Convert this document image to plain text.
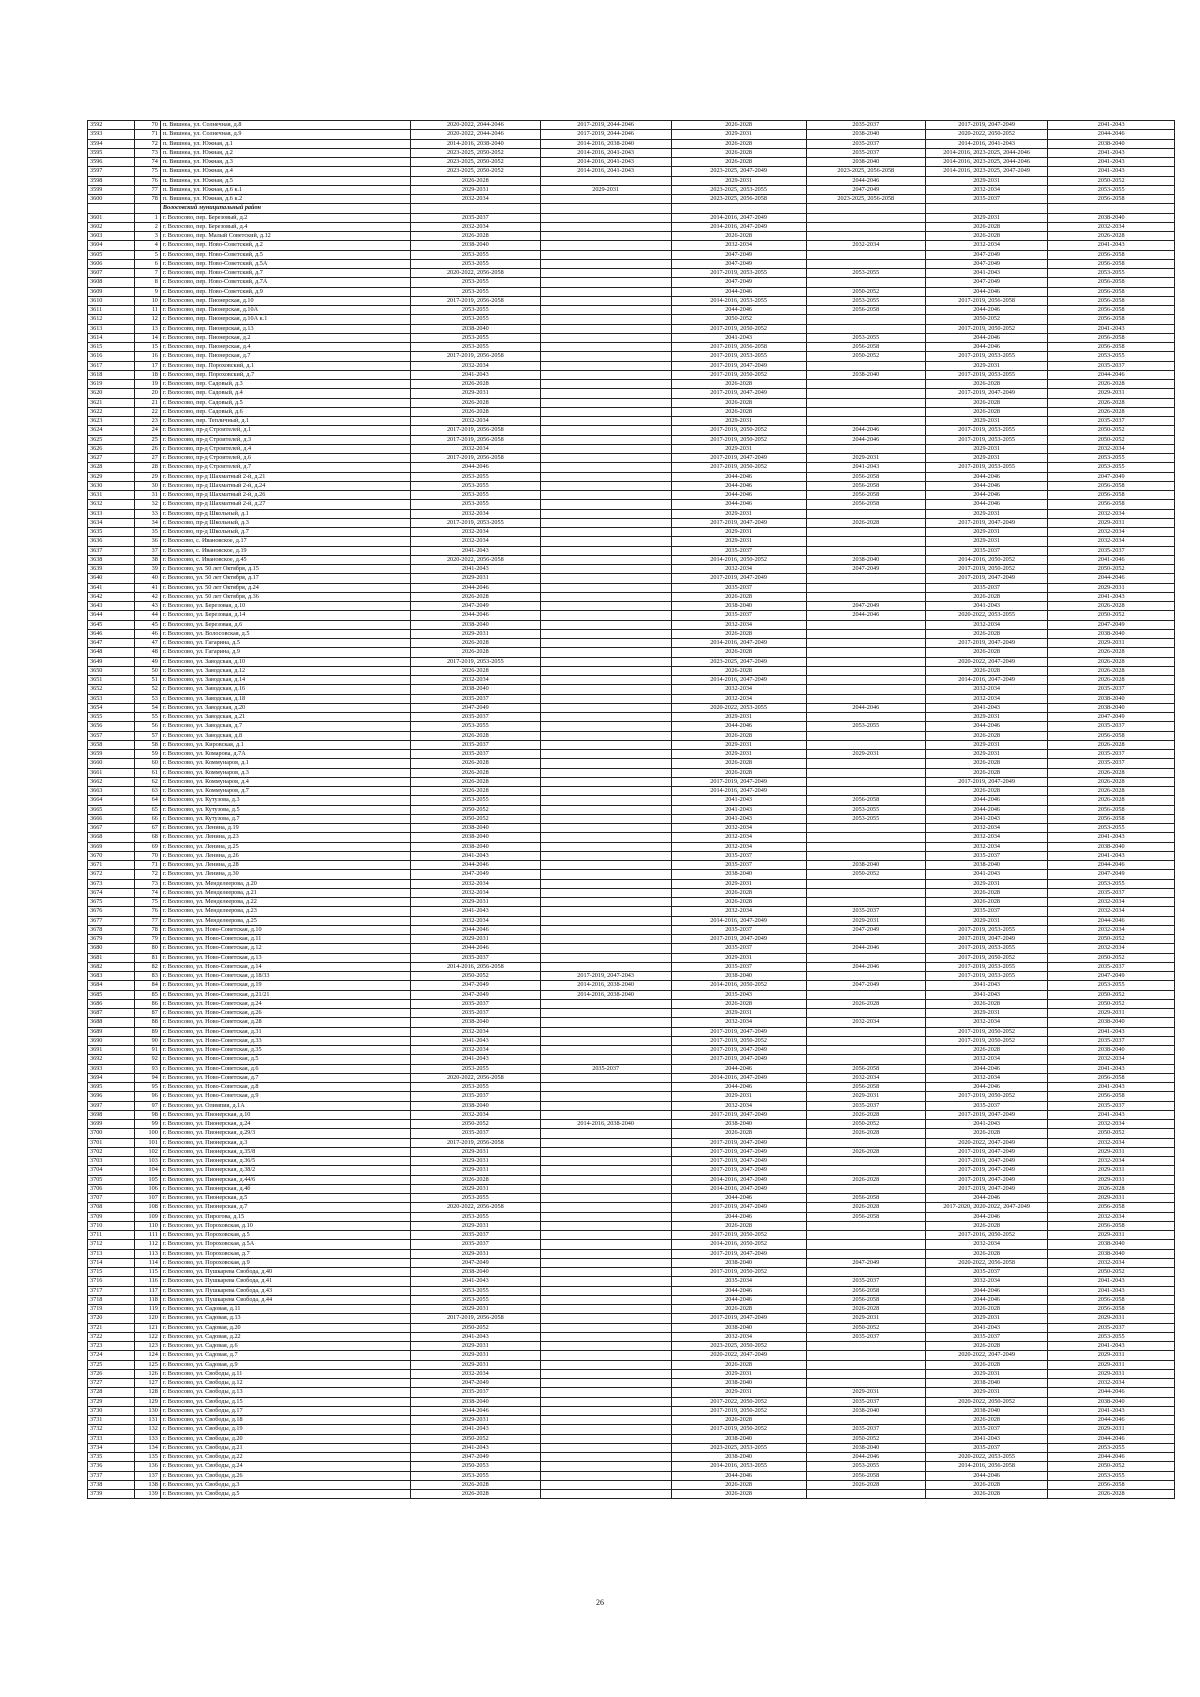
3592	70	п. Вишнеа, ул. Солнечная, д.8	2020-2022, 2044-2046	2017-2019, 2044-2046	2026-2028	2035-2037	2017-2019, 2047-2049	2041-2043
3593	71	п. Вишнеа, ул. Солнечная, д.9	2020-2022, 2044-2046	2017-2019, 2044-2046	2029-2031	2038-2040	2020-2022, 2050-2052	2044-2046
3594	72	п. Вишнеа, ул. Южная, д.1	2014-2016, 2038-2040	2014-2016, 2038-2040	2026-2028	2035-2037	2014-2016, 2041-2043	2038-2040
3595	73	п. Вишнеа, ул. Южная, д.2	2023-2025, 2050-2052	2014-2016, 2041-2043	2026-2028	2035-2037	2014-2016, 2023-2025, 2044-2046	2041-2043
3596	74	п. Вишнеа, ул. Южная, д.3	2023-2025, 2050-2052	2014-2016, 2041-2043	2026-2028	2038-2040	2014-2016, 2023-2025, 2044-2046	2041-2043
3597	75	п. Вишнеа, ул. Южная, д.4	2023-2025, 2050-2052	2014-2016, 2041-2043	2023-2025, 2047-2049	2023-2025, 2056-2058	2014-2016, 2023-2025, 2047-2049	2041-2043
3598	76	п. Вишнеа, ул. Южная, д.5	2026-2028		2029-2031	2044-2046	2029-2031	2050-2052
3599	77	п. Вишнеа, ул. Южная, д.6 к.1	2029-2031	2029-2031	2023-2025, 2053-2055	2047-2049	2032-2034	2053-2055
3600	78	п. Вишнеа, ул. Южная, д.6 к.2	2032-2034		2023-2025, 2056-2058	2023-2025, 2056-2058	2035-2037	2056-2058
		Волосовский муниципальный район						
3601	1	г. Волосово, пер. Березовый, д.2	2035-2037		2014-2016, 2047-2049		2029-2031	2038-2040
3602	2	г. Волосово, пер. Березовый, д.4	2032-2034		2014-2016, 2047-2049		2026-2028	2032-2034
3603	3	г. Волосово, пер. Малый Советский, д.12	2026-2028		2026-2028		2026-2028	2026-2028
3604	4	г. Волосово, пер. Ново-Советский, д.2	2038-2040		2032-2034	2032-2034	2032-2034	2041-2043
3605	5	г. Волосово, пер. Ново-Советский, д.5	2053-2055		2047-2049		2047-2049	2056-2058
3606	6	г. Волосово, пер. Ново-Советский, д.5А	2053-2055		2047-2049		2047-2049	2056-2058
3607	7	г. Волосово, пер. Ново-Советский, д.7	2020-2022, 2056-2058		2017-2019, 2053-2055	2053-2055	2041-2043	2053-2055
3608	8	г. Волосово, пер. Ново-Советский, д.7А	2053-2055		2047-2049		2047-2049	2056-2058
3609	9	г. Волосово, пер. Ново-Советский, д.9	2053-2055		2044-2046	2050-2052	2044-2046	2056-2058
3610	10	г. Волосово, пер. Пионерская, д.10	2017-2019, 2056-2058		2014-2016, 2053-2055	2053-2055	2017-2019, 2056-2058	2056-2058
3611	11	г. Волосово, пер. Пионерская, д.10А	2053-2055		2044-2046	2056-2058	2044-2046	2056-2058
3612	12	г. Волосово, пер. Пионерская, д.10А к.1	2053-2055		2050-2052		2050-2052	2056-2058
3613	13	г. Волосово, пер. Пионерская, д.13	2038-2040		2017-2019, 2050-2052		2017-2019, 2050-2052	2041-2043
3614	14	г. Волосово, пер. Пионерская, д.2	2053-2055		2041-2043	2053-2055	2044-2046	2056-2058
3615	15	г. Волосово, пер. Пионерская, д.4	2053-2055		2017-2019, 2056-2058	2056-2058	2044-2046	2056-2058
3616	16	г. Волосово, пер. Пионерская, д.7	2017-2019, 2056-2058		2017-2019, 2053-2055	2050-2052	2017-2019, 2053-2055	2053-2055
3617	17	г. Волосово, пер. Пороховский, д.1	2032-2034		2017-2019, 2047-2049		2029-2031	2035-2037
3618	18	г. Волосово, пер. Пороховский, д.7	2041-2043		2017-2019, 2050-2052	2038-2040	2017-2019, 2053-2055	2044-2046
3619	19	г. Волосово, пер. Садовый, д.3	2026-2028		2026-2028		2026-2028	2026-2028
3620	20	г. Волосово, пер. Садовый, д.4	2029-2031		2017-2019, 2047-2049		2017-2019, 2047-2049	2029-2031
3621	21	г. Волосово, пер. Садовый, д.5	2026-2028		2026-2028		2026-2028	2026-2028
3622	22	г. Волосово, пер. Садовый, д.6	2026-2028		2026-2028		2026-2028	2026-2028
3623	23	г. Волосово, пер. Тепличный, д.1	2032-2034		2029-2031		2029-2031	2035-2037
3624	24	г. Волосово, пр-д Строителей, д.1	2017-2019, 2056-2058		2017-2019, 2050-2052	2044-2046	2017-2019, 2053-2055	2050-2052
3625	25	г. Волосово, пр-д Строителей, д.3	2017-2019, 2056-2058		2017-2019, 2050-2052	2044-2046	2017-2019, 2053-2055	2050-2052
3626	26	г. Волосово, пр-д Строителей, д.4	2032-2034		2029-2031		2029-2031	2032-2034
3627	27	г. Волосово, пр-д Строителей, д.6	2017-2019, 2056-2058		2017-2019, 2047-2049	2029-2031	2029-2031	2053-2055
3628	28	г. Волосово, пр-д Строителей, д.7	2044-2046		2017-2019, 2050-2052	2041-2043	2017-2019, 2053-2055	2053-2055
3629	29	г. Волосово, пр-д Шахматный 2-й, д.21	2053-2055		2044-2046	2056-2058	2044-2046	2047-2049
3630	30	г. Волосово, пр-д Шахматный 2-й, д.24	2053-2055		2044-2046	2056-2058	2044-2046	2056-2058
3631	31	г. Волосово, пр-д Шахматный 2-й, д.26	2053-2055		2044-2046	2056-2058	2044-2046	2056-2058
3632	32	г. Волосово, пр-д Шахматный 2-й, д.27	2053-2055		2044-2046	2056-2058	2044-2046	2056-2058
3633	33	г. Волосово, пр-д Школьный, д.1	2032-2034		2029-2031		2029-2031	2032-2034
3634	34	г. Волосово, пр-д Школьный, д.3	2017-2019, 2053-2055		2017-2019, 2047-2049	2026-2028	2017-2019, 2047-2049	2029-2031
3635	35	г. Волосово, пр-д Школьный, д.7	2032-2034		2029-2031		2029-2031	2032-2034
3636	36	г. Волосово, с. Ивановское, д.17	2032-2034		2029-2031		2029-2031	2032-2034
3637	37	г. Волосово, с. Ивановское, д.19	2041-2043		2035-2037		2035-2037	2035-2037
3638	38	г. Волосово, с. Ивановское, д.45	2020-2022, 2056-2058		2014-2016, 2050-2052	2038-2040	2014-2016, 2050-2052	2041-2046
3639	39	г. Волосово, ул. 50 лет Октября, д.15	2041-2043		2032-2034	2047-2049	2017-2019, 2050-2052	2050-2052
3640	40	г. Волосово, ул. 50 лет Октября, д.17	2029-2031		2017-2019, 2047-2049		2017-2019, 2047-2049	2044-2046
3641	41	г. Волосово, ул. 50 лет Октября, д.24	2044-2046		2035-2037		2035-2037	2029-2031
3642	42	г. Волосово, ул. 50 лет Октября, д.36	2026-2028		2026-2028		2026-2028	2041-2043
3643	43	г. Волосово, ул. Березовая, д.10	2047-2049		2038-2040	2047-2049	2041-2043	2026-2028
3644	44	г. Волосово, ул. Березовая, д.14	2044-2046		2035-2037	2044-2046	2020-2022, 2053-2055	2050-2052
3645	45	г. Волосово, ул. Березовая, д.6	2038-2040		2032-2034		2032-2034	2047-2049
3646	46	г. Волосово, ул. Волосовская, д.5	2029-2031		2026-2028		2026-2028	2038-2040
3647	47	г. Волосово, ул. Гагарина, д.5	2026-2028		2014-2016, 2047-2049		2017-2019, 2047-2049	2029-2031
3648	48	г. Волосово, ул. Гагарина, д.9	2026-2028		2026-2028		2026-2028	2026-2028
3649	49	г. Волосово, ул. Заводская, д.10	2017-2019, 2053-2055		2023-2025, 2047-2049		2020-2022, 2047-2049	2026-2028
3650	50	г. Волосово, ул. Заводская, д.12	2026-2028		2026-2028		2026-2028	2026-2028
3651	51	г. Волосово, ул. Заводская, д.14	2032-2034		2014-2016, 2047-2049		2014-2016, 2047-2049	2026-2028
3652	52	г. Волосово, ул. Заводская, д.16	2038-2040		2032-2034		2032-2034	2035-2037
3653	53	г. Волосово, ул. Заводская, д.18	2035-2037		2032-2034		2032-2034	2038-2040
3654	54	г. Волосово, ул. Заводская, д.20	2047-2049		2020-2022, 2053-2055	2044-2046	2041-2043	2038-2040
3655	55	г. Волосово, ул. Заводская, д.21	2035-2037		2029-2031		2029-2031	2047-2049
3656	56	г. Волосово, ул. Заводская, д.7	2053-2055		2044-2046	2053-2055	2044-2046	2035-2037
3657	57	г. Волосово, ул. Заводская, д.8	2026-2028		2026-2028		2026-2028	2056-2058
3658	58	г. Волосово, ул. Кировская, д.1	2035-2037		2029-2031		2029-2031	2026-2028
3659	59	г. Волосово, ул. Комарова, д.7А	2035-2037		2029-2031	2029-2031	2029-2031	2035-2037
3660	60	г. Волосово, ул. Коммунаров, д.1	2026-2028		2026-2028		2026-2028	2035-2037
3661	61	г. Волосово, ул. Коммунаров, д.3	2026-2028		2026-2028		2026-2028	2026-2028
3662	62	г. Волосово, ул. Коммунаров, д.4	2026-2028		2017-2019, 2047-2049		2017-2019, 2047-2049	2026-2028
3663	63	г. Волосово, ул. Коммунаров, д.7	2026-2028		2014-2016, 2047-2049		2026-2028	2026-2028
3664	64	г. Волосово, ул. Кутузова, д.3	2053-2055		2041-2043	2056-2058	2044-2046	2026-2028
3665	65	г. Волосово, ул. Кутузова, д.5	2050-2052		2041-2043	2053-2055	2044-2046	2056-2058
3666	66	г. Волосово, ул. Кутузова, д.7	2050-2052		2041-2043	2053-2055	2041-2043	2056-2058
3667	67	г. Волосово, ул. Ленина, д.19	2038-2040		2032-2034		2032-2034	2053-2055
3668	68	г. Волосово, ул. Ленина, д.23	2038-2040		2032-2034		2032-2034	2041-2043
3669	69	г. Волосово, ул. Ленина, д.25	2038-2040		2032-2034		2032-2034	2038-2040
3670	70	г. Волосово, ул. Ленина, д.26	2041-2043		2035-2037		2035-2037	2041-2043
3671	71	г. Волосово, ул. Ленина, д.28	2044-2046		2035-2037	2038-2040	2038-2040	2044-2046
3672	72	г. Волосово, ул. Ленина, д.30	2047-2049		2038-2040	2050-2052	2041-2043	2047-2049
3673	73	г. Волосово, ул. Менделеерова, д.20	2032-2034		2029-2031		2029-2031	2053-2055
3674	74	г. Волосово, ул. Менделеерова, д.21	2032-2034		2026-2028		2026-2028	2035-2037
3675	75	г. Волосово, ул. Менделеерова, д.22	2029-2031		2026-2028		2026-2028	2032-2034
3676	76	г. Волосово, ул. Менделеерова, д.23	2041-2043		2032-2034	2035-2037	2035-2037	2032-2034
3677	77	г. Волосово, ул. Менделеерова, д.25	2032-2034		2014-2016, 2047-2049	2029-2031	2029-2031	2044-2046
3678	78	г. Волосово, ул. Ново-Советская, д.10	2044-2046		2035-2037	2047-2049	2017-2019, 2053-2055	2032-2034
3679	79	г. Волосово, ул. Ново-Советская, д.11	2029-2031		2017-2019, 2047-2049		2017-2019, 2047-2049	2050-2052
3680	80	г. Волосово, ул. Ново-Советская, д.12	2044-2046		2035-2037	2044-2046	2017-2019, 2053-2055	2032-2034
3681	81	г. Волосово, ул. Ново-Советская, д.13	2035-2037		2029-2031		2017-2019, 2050-2052	2050-2052
3682	82	г. Волосово, ул. Ново-Советская, д.14	2014-2016, 2056-2058		2035-2037	2044-2046	2017-2019, 2053-2055	2035-2037
3683	83	г. Волосово, ул. Ново-Советская, д.18/33	2050-2052	2017-2019, 2047-2043	2038-2040		2017-2019, 2053-2055	2047-2049
3684	84	г. Волосово, ул. Ново-Советская, д.19	2047-2049	2014-2016, 2038-2040	2014-2016, 2050-2052	2047-2049	2041-2043	2053-2055
3685	85	г. Волосово, ул. Ново-Советская, д.21/21	2047-2049	2014-2016, 2038-2040	2035-2043		2041-2043	2050-2052
3686	86	г. Волосово, ул. Ново-Советская, д.24	2035-2037		2026-2028	2026-2028	2026-2028	2050-2052
3687	87	г. Волосово, ул. Ново-Советская, д.26	2035-2037		2029-2031		2029-2031	2029-2031
3688	88	г. Волосово, ул. Ново-Советская, д.28	2038-2040		2032-2034	2032-2034	2032-2034	2038-2040
3689	89	г. Волосово, ул. Ново-Советская, д.31	2032-2034		2017-2019, 2047-2049		2017-2019, 2050-2052	2041-2043
3690	90	г. Волосово, ул. Ново-Советская, д.33	2041-2043		2017-2019, 2050-2052		2017-2019, 2050-2052	2035-2037
3691	91	г. Волосово, ул. Ново-Советская, д.35	2032-2034		2017-2019, 2047-2049		2026-2028	2038-2040
3692	92	г. Волосово, ул. Ново-Советская, д.5	2041-2043		2017-2019, 2047-2049		2032-2034	2032-2034
3693	93	г. Волосово, ул. Ново-Советская, д.6	2053-2055	2035-2037	2044-2046	2056-2058	2044-2046	2041-2043
3694	94	г. Волосово, ул. Ново-Советская, д.7	2020-2022, 2056-2058		2014-2016, 2047-2049	2032-2034	2032-2034	2056-2058
3695	95	г. Волосово, ул. Ново-Советская, д.8	2053-2055		2044-2046	2056-2058	2044-2046	2041-2043
3696	96	г. Волосово, ул. Ново-Советская, д.9	2035-2037		2029-2031	2029-2031	2017-2019, 2050-2052	2056-2058
3697	97	г. Волосово, ул. Олимпия, д.1А	2038-2040		2032-2034	2035-2037	2035-2037	2035-2037
3698	98	г. Волосово, ул. Пионерская, д.10	2032-2034		2017-2019, 2047-2049	2026-2028	2017-2019, 2047-2049	2041-2043
3699	99	г. Волосово, ул. Пионерская, д.24	2050-2052	2014-2016, 2038-2040	2038-2040	2050-2052	2041-2043	2032-2034
3700	100	г. Волосово, ул. Пионерская, д.29/3	2035-2037		2026-2028	2026-2028	2026-2028	2050-2052
3701	101	г. Волосово, ул. Пионерская, д.3	2017-2019, 2056-2058		2017-2019, 2047-2049		2020-2022, 2047-2049	2032-2034
3702	102	г. Волосово, ул. Пионерская, д.35/8	2029-2031		2017-2019, 2047-2049	2026-2028	2017-2019, 2047-2049	2029-2031
3703	103	г. Волосово, ул. Пионерская, д.36/5	2029-2031		2017-2019, 2047-2049		2017-2019, 2047-2049	2032-2034
3704	104	г. Волосово, ул. Пионерская, д.38/2	2029-2031		2017-2019, 2047-2049		2017-2019, 2047-2049	2029-2031
3705	105	г. Волосово, ул. Пионерская, д.44/6	2026-2028		2014-2016, 2047-2049	2026-2028	2017-2019, 2047-2049	2029-2031
3706	106	г. Волосово, ул. Пионерская, д.4б	2029-2031		2014-2016, 2047-2049		2017-2019, 2047-2049	2026-2028
3707	107	г. Волосово, ул. Пионерская, д.5	2053-2055		2044-2046	2056-2058	2044-2046	2029-2031
3708	108	г. Волосово, ул. Пионерская, д.7	2020-2022, 2056-2058		2017-2019, 2047-2049	2026-2028	2017-2020, 2020-2022, 2047-2049	2056-2058
3709	109	г. Волосово, ул. Пирогова, д.15	2053-2055		2044-2046	2056-2058	2044-2046	2032-2034
3710	110	г. Волосово, ул. Пороховская, д.10	2029-2031		2026-2028		2026-2028	2056-2058
3711	111	г. Волосово, ул. Пороховская, д.5	2035-2037		2017-2019, 2050-2052		2017-2016, 2050-2052	2029-2031
3712	112	г. Волосово, ул. Пороховская, д.5А	2035-2037		2014-2016, 2050-2052		2032-2034	2038-2040
3713	113	г. Волосово, ул. Пороховская, д.7	2029-2031		2017-2019, 2047-2049		2026-2028	2038-2040
3714	114	г. Волосово, ул. Пороховская, д.9	2047-2049		2038-2040	2047-2049	2020-2022, 2056-2058	2032-2034
3715	115	г. Волосово, ул. Пушкарева Свобода, д.40	2038-2040		2017-2019, 2050-2052		2035-2037	2050-2052
3716	116	г. Волосово, ул. Пушкарева Свобода, д.41	2041-2043		2035-2034	2035-2037	2032-2034	2041-2043
3717	117	г. Волосово, ул. Пушкарева Свобода, д.43	2053-2055		2044-2046	2056-2058	2044-2046	2041-2043
3718	118	г. Волосово, ул. Пушкарева Свобода, д.44	2053-2055		2044-2046	2056-2058	2044-2046	2056-2058
3719	119	г. Волосово, ул. Садовая, д.11	2029-2031		2026-2028	2026-2028	2026-2028	2056-2058
3720	120	г. Волосово, ул. Садовая, д.13	2017-2019, 2056-2058		2017-2019, 2047-2049	2029-2031	2029-2031	2029-2031
3721	121	г. Волосово, ул. Садовая, д.20	2050-2052		2038-2040	2050-2052	2041-2043	2035-2037
3722	122	г. Волосово, ул. Садовая, д.22	2041-2043		2032-2034	2035-2037	2035-2037	2053-2055
3723	123	г. Волосово, ул. Садовая, д.6	2029-2031		2023-2025, 2050-2052		2026-2028	2041-2043
3724	124	г. Волосово, ул. Садовая, д.7	2029-2031		2020-2022, 2047-2049		2020-2022, 2047-2049	2029-2031
3725	125	г. Волосово, ул. Садовая, д.9	2029-2031		2026-2028		2026-2028	2029-2031
3726	126	г. Волосово, ул. Свободы, д.11	2032-2034		2029-2031		2029-2031	2029-2031
3727	127	г. Волосово, ул. Свободы, д.12	2047-2049		2038-2040		2038-2040	2032-2034
3728	128	г. Волосово, ул. Свободы, д.13	2035-2037		2029-2031	2029-2031	2029-2031	2044-2046
3729	129	г. Волосово, ул. Свободы, д.15	2038-2040		2017-2022, 2050-2052	2035-2037	2020-2022, 2050-2052	2038-2040
3730	130	г. Волосово, ул. Свободы, д.17	2044-2046		2017-2019, 2050-2052	2038-2040	2038-2040	2041-2043
3731	131	г. Волосово, ул. Свободы, д.18	2029-2031		2026-2028		2026-2028	2044-2046
3732	132	г. Волосово, ул. Свободы, д.19	2041-2043		2017-2019, 2050-2052	2035-2037	2035-2037	2029-2031
3733	133	г. Волосово, ул. Свободы, д.20	2050-2052		2038-2040	2050-2052	2041-2043	2044-2046
3734	134	г. Волосово, ул. Свободы, д.21	2041-2043		2023-2025, 2053-2055	2038-2040	2035-2037	2053-2055
3735	135	г. Волосово, ул. Свободы, д.22	2047-2049		2038-2040	2044-2046	2020-2022, 2053-2055	2044-2046
3736	136	г. Волосово, ул. Свободы, д.24	2050-2053		2014-2016, 2053-2055	2053-2055	2014-2016, 2056-2058	2050-2052
3737	137	г. Волосово, ул. Свободы, д.26	2053-2055		2044-2046	2056-2058	2044-2046	2053-2055
3738	138	г. Волосово, ул. Свободы, д.3	2026-2028		2026-2028	2026-2028	2026-2028	2056-2058
3739	139	г. Волосово, ул. Свободы, д.5	2026-2028		2026-2028		2026-2028	2026-2028
26
